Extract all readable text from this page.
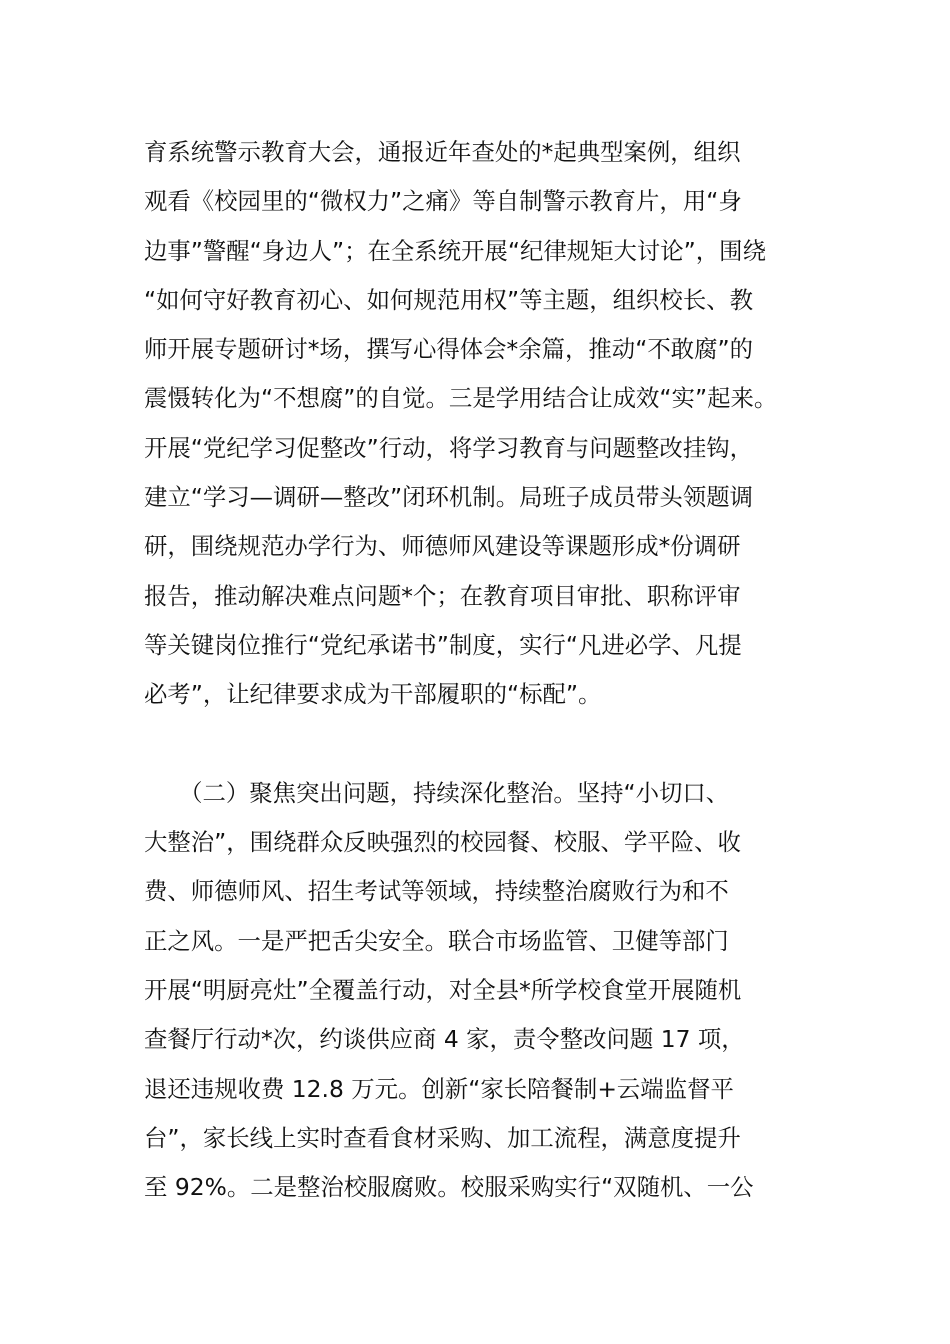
育系统警示教育大会，通报近年查处的*起典型案例，组织
观看《校园里的“微权力”之痛》等自制警示教育片，用“身
边事”警醒“身边人”；在全系统开展“纪律规矩大讨论”，围绕
“如何守好教育初心、如何规范用权”等主题，组织校长、教
师开展专题研讨*场，撰写心得体会*余篇，推动“不敢腐”的
震慑转化为“不想腐”的自觉。三是学用结合让成效“实”起来。
开展“党纪学习促整改”行动，将学习教育与问题整改挂钩，
建立“学习—调研—整改”闭环机制。局班子成员带头领题调
研，围绕规范办学行为、师德师风建设等课题形成*份调研
报告，推动解决难点问题*个；在教育项目审批、职称评审
等关键岗位推行“党纪承诺书”制度，实行“凡进必学、凡提
必考”，让纪律要求成为干部履职的“标配”。
　　（二）聚焦突出问题，持续深化整治。坚持“小切口、
大整治”，围绕群众反映强烈的校园餐、校服、学平险、收
费、师德师风、招生考试等领域，持续整治腐败行为和不
正之风。一是严把舌尖安全。联合市场监管、卫健等部门
开展“明厨亮灶”全覆盖行动，对全县*所学校食堂开展随机
查餐厅行动*次，约谈供应商 4 家，责令整改问题 17 项，
退还违规收费 12.8 万元。创新“家长陪餐制+云端监督平
台”，家长线上实时查看食材采购、加工流程，满意度提升
至 92%。二是整治校服腐败。校服采购实行“双随机、一公
